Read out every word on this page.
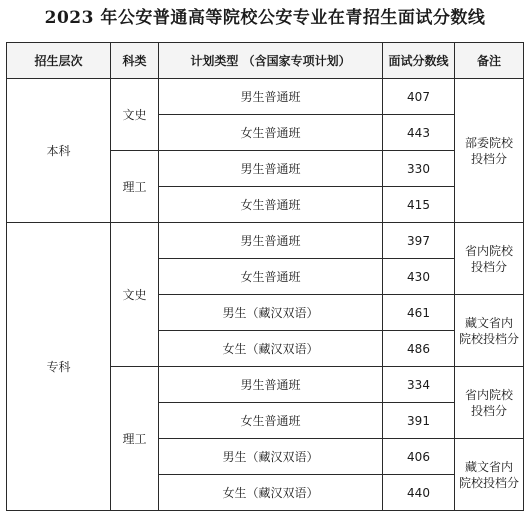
2023 年公安普通高等院校公安专业在青招生面试分数线
招生层次	科类	计划类型 （含国家专项计划）	面试分数线	备注
本科	文史	男生普通班	407	部委院校
投档分

		女生普通班	443	
	理工	男生普通班	330	
		女生普通班	415	
专科	文史	男生普通班	397	省内院校
投档分

		女生普通班	430	
		男生（藏汉双语）	461	藏文省内
院校投档分

		女生（藏汉双语）	486	
	理工	男生普通班	334	省内院校
投档分

		女生普通班	391	
		男生（藏汉双语）	406	藏文省内
院校投档分

		女生（藏汉双语）	440	
